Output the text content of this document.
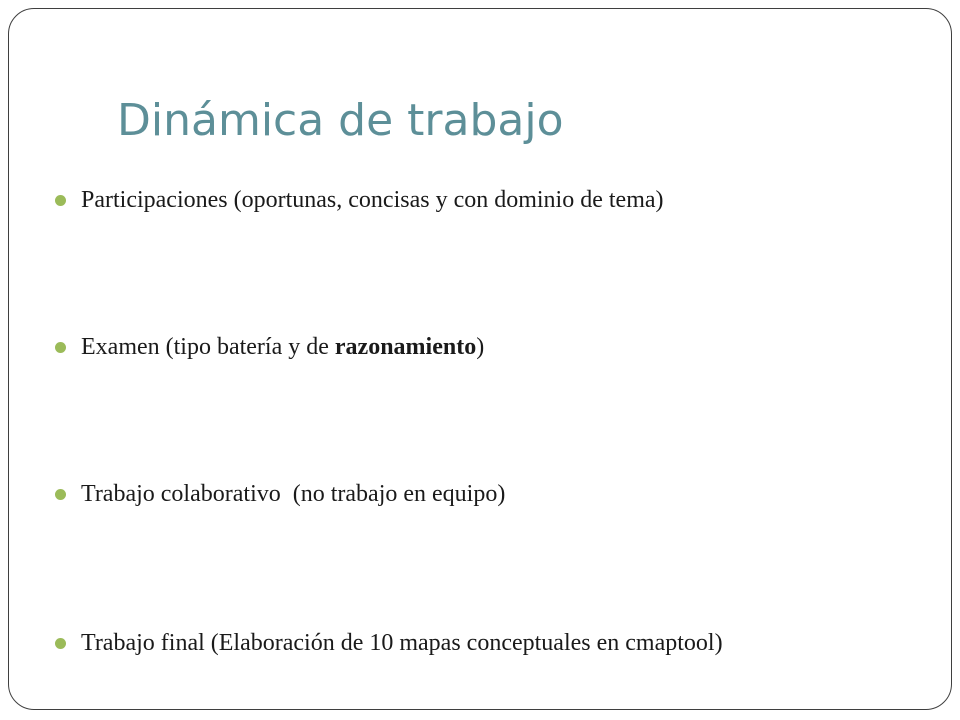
Dinámica de trabajo
Participaciones (oportunas, concisas y con dominio de tema)
Examen (tipo batería y de razonamiento)
Trabajo colaborativo  (no trabajo en equipo)
Trabajo final (Elaboración de 10 mapas conceptuales en cmaptool)
